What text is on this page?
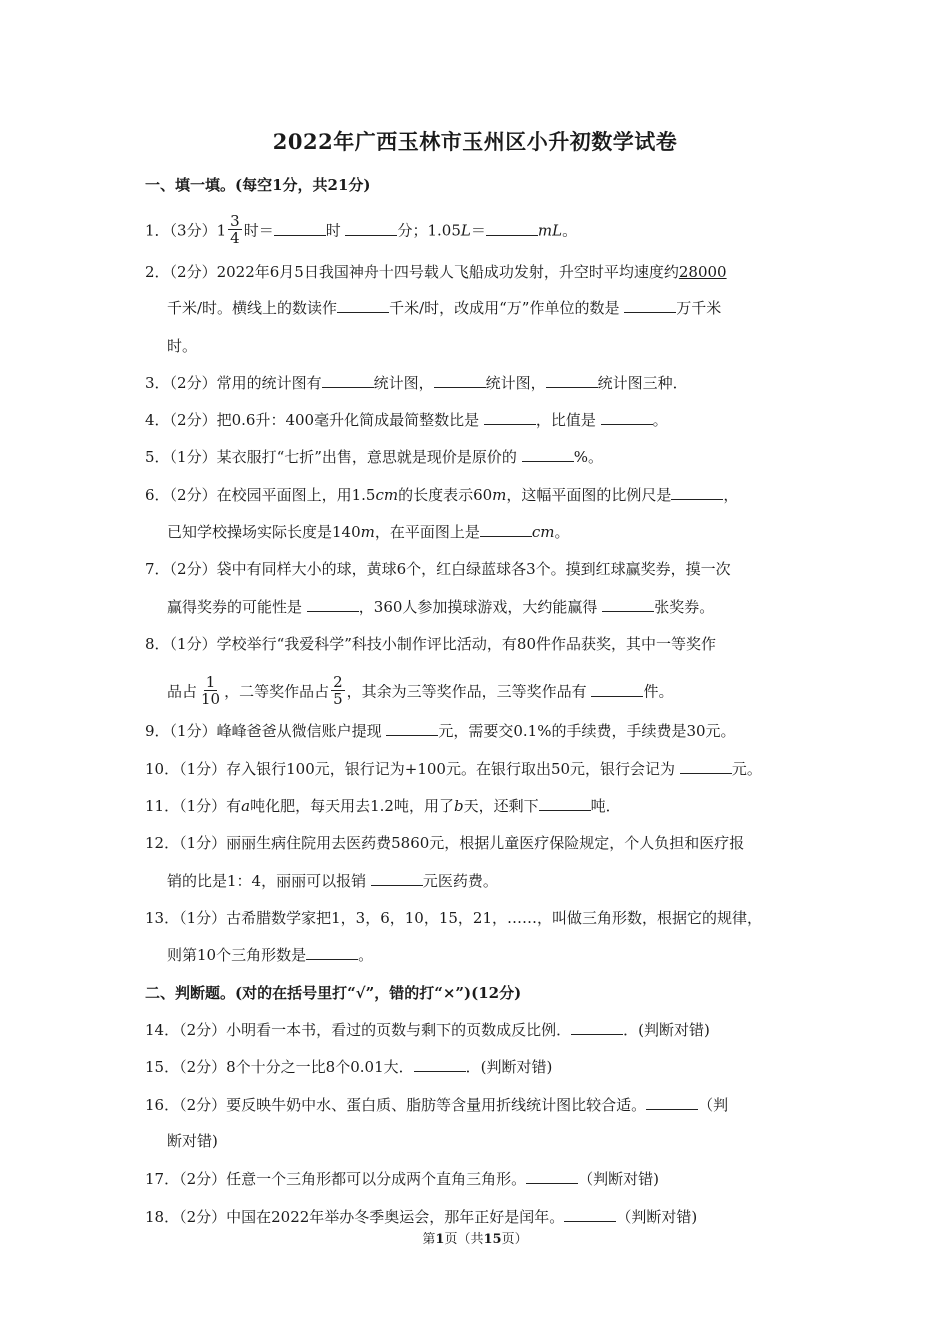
2022年广西玉林市玉州区小升初数学试卷
一、填一填。(每空1分，共21分)
1．（3分）$1 \frac{3}{4}$ 时＝	时	分；1.05L＝	mL。
2．（2分）2022年6月5日我国神舟十四号载人飞船成功发射，升空时平均速度约28000
千米/时。横线上的数读作	千米/时，改成用“万”作单位的数是	万千米
时。
3．（2分）常用的统计图有	统计图，	统计图，	统计图三种．
4．（2分）把0.6升：400毫升化简成最简整数比是	，比值是	。
5．（1分）某衣服打“七折”出售，意思就是现价是原价的	%。
6．（2分）在校园平面图上，用1.5cm的长度表示60m，这幅平面图的比例尺是	，
已知学校操场实际长度是140m，在平面图上是	cm。
7．（2分）袋中有同样大小的球，黄球6个，红白绿蓝球各3个。摸到红球赢奖券，摸一次
赢得奖券的可能性是	，360人参加摸球游戏，大约能赢得	张奖券。
8．（1分）学校举行“我爱科学”科技小制作评比活动，有80件作品获奖，其中一等奖作
品占 $\frac{1}{10}$ ，二等奖作品占 $\frac{2}{5}$ ，其余为三等奖作品，三等奖作品有	件。
9．（1分）峰峰爸爸从微信账户提现	元，需要交0.1%的手续费，手续费是30元。
10．（1分）存入银行100元，银行记为+100元。在银行取出50元，银行会记为	元。
11．（1分）有a吨化肥，每天用去1.2吨，用了b天，还剩下	吨．
12．（1分）丽丽生病住院用去医药费5860元，根据儿童医疗保险规定，个人负担和医疗报
销的比是1：4，丽丽可以报销	元医药费。
13．（1分）古希腊数学家把1，3，6，10，15，21，……，叫做三角形数，根据它的规律，
则第10个三角形数是	。
二、判断题。(对的在括号里打“√”，错的打“×”)(12分)
14．（2分）小明看一本书，看过的页数与剩下的页数成反比例．	．(判断对错)
15．（2分）8个十分之一比8个0.01大．	．(判断对错)
16．（2分）要反映牛奶中水、蛋白质、脂肪等含量用折线统计图比较合适。	（判
断对错)
17．（2分）任意一个三角形都可以分成两个直角三角形。	（判断对错)
18．（2分）中国在2022年举办冬季奥运会，那年正好是闰年。	（判断对错)
第1页（共15页）
